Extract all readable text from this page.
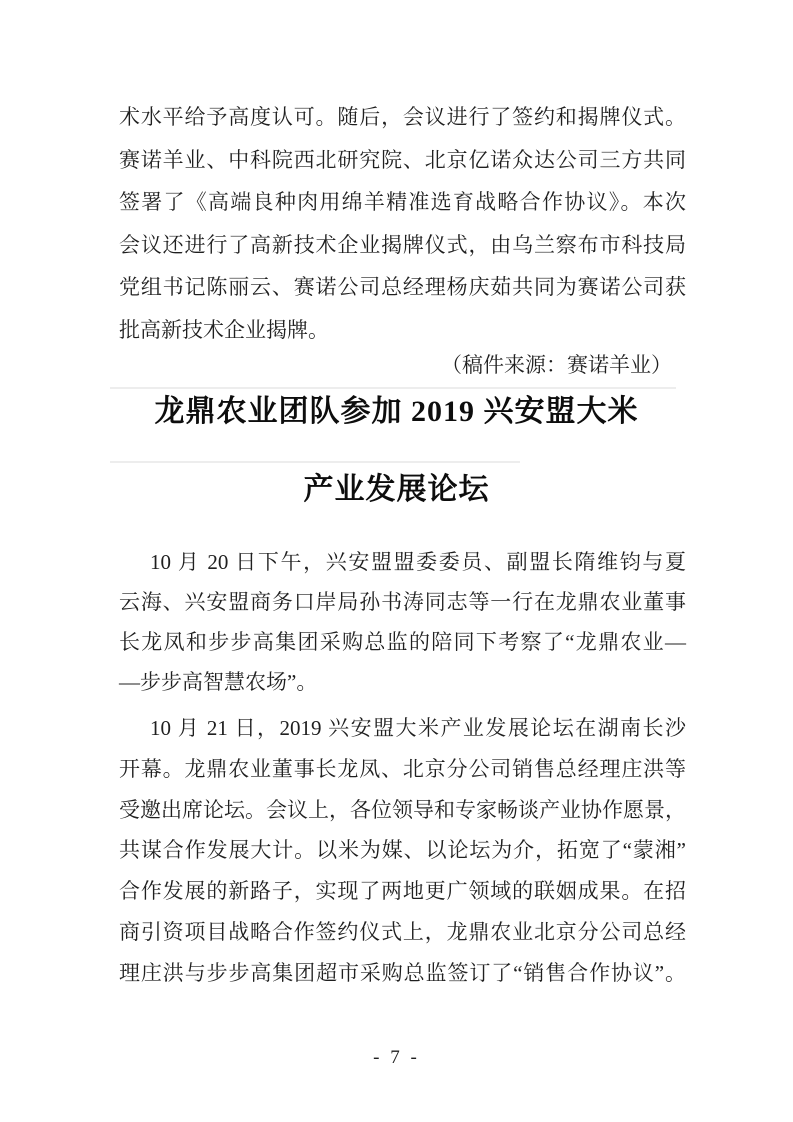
术水平给予高度认可。随后，会议进行了签约和揭牌仪式。
赛诺羊业、中科院西北研究院、北京亿诺众达公司三方共同
签署了《高端良种肉用绵羊精准选育战略合作协议》。本次
会议还进行了高新技术企业揭牌仪式，由乌兰察布市科技局
党组书记陈丽云、赛诺公司总经理杨庆茹共同为赛诺公司获
批高新技术企业揭牌。
（稿件来源：赛诺羊业）
龙鼎农业团队参加 2019 兴安盟大米
产业发展论坛
10 月 20 日下午，兴安盟盟委委员、副盟长隋维钧与夏
云海、兴安盟商务口岸局孙书涛同志等一行在龙鼎农业董事
长龙凤和步步高集团采购总监的陪同下考察了“龙鼎农业—
—步步高智慧农场”。
10 月 21 日，2019 兴安盟大米产业发展论坛在湖南长沙
开幕。龙鼎农业董事长龙凤、北京分公司销售总经理庄洪等
受邀出席论坛。会议上，各位领导和专家畅谈产业协作愿景，
共谋合作发展大计。以米为媒、以论坛为介，拓宽了“蒙湘”
合作发展的新路子，实现了两地更广领域的联姻成果。在招
商引资项目战略合作签约仪式上，龙鼎农业北京分公司总经
理庄洪与步步高集团超市采购总监签订了“销售合作协议”。
- 7 -
